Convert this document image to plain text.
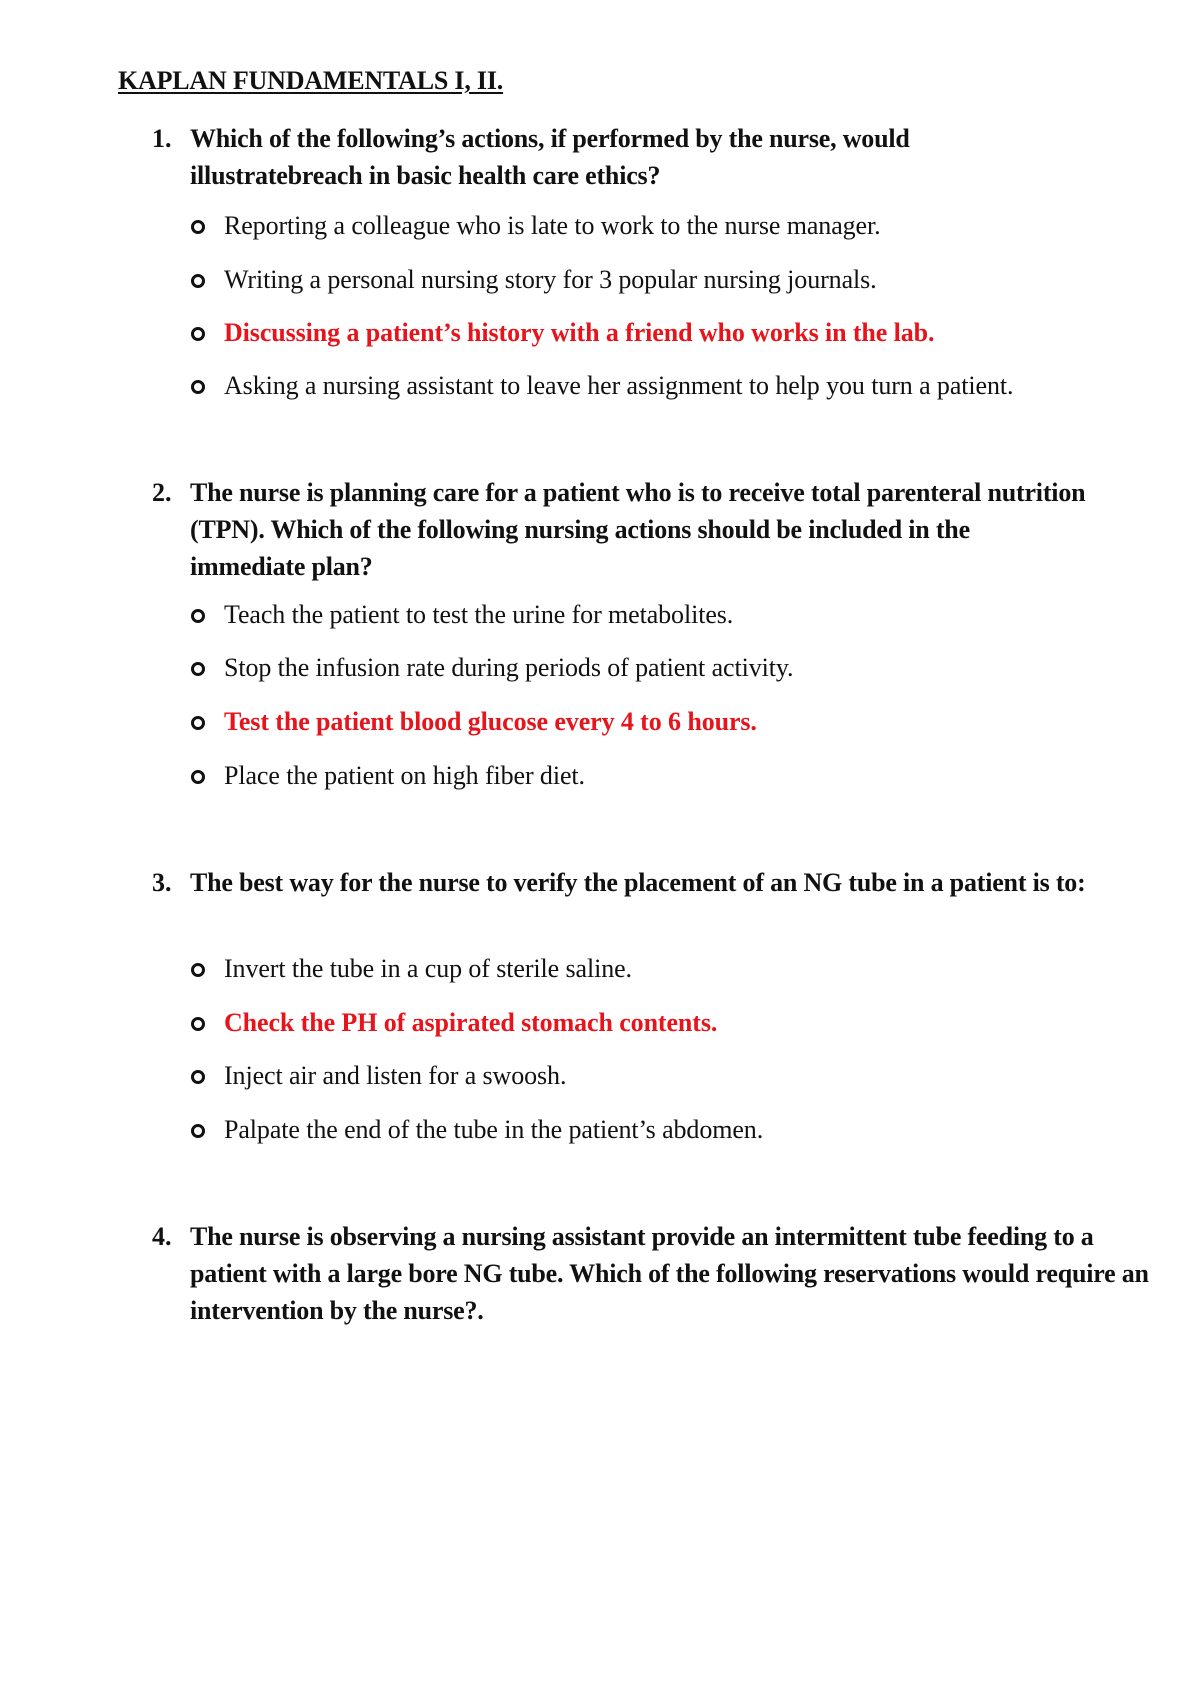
KAPLAN FUNDAMENTALS I, II.
1. Which of the following’s actions, if performed by the nurse, would illustratebreach in basic health care ethics?
Reporting a colleague who is late to work to the nurse manager.
Writing a personal nursing story for 3 popular nursing journals.
Discussing a patient’s history with a friend who works in the lab.
Asking a nursing assistant to leave her assignment to help you turn a patient.
2. The nurse is planning care for a patient who is to receive total parenteral nutrition (TPN). Which of the following nursing actions should be included in the immediate plan?
Teach the patient to test the urine for metabolites.
Stop the infusion rate during periods of patient activity.
Test the patient blood glucose every 4 to 6 hours.
Place the patient on high fiber diet.
3. The best way for the nurse to verify the placement of an NG tube in a patient is to:
Invert the tube in a cup of sterile saline.
Check the PH of aspirated stomach contents.
Inject air and listen for a swoosh.
Palpate the end of the tube in the patient’s abdomen.
4. The nurse is observing a nursing assistant provide an intermittent tube feeding to a patient with a large bore NG tube. Which of the following reservations would require an intervention by the nurse?.
